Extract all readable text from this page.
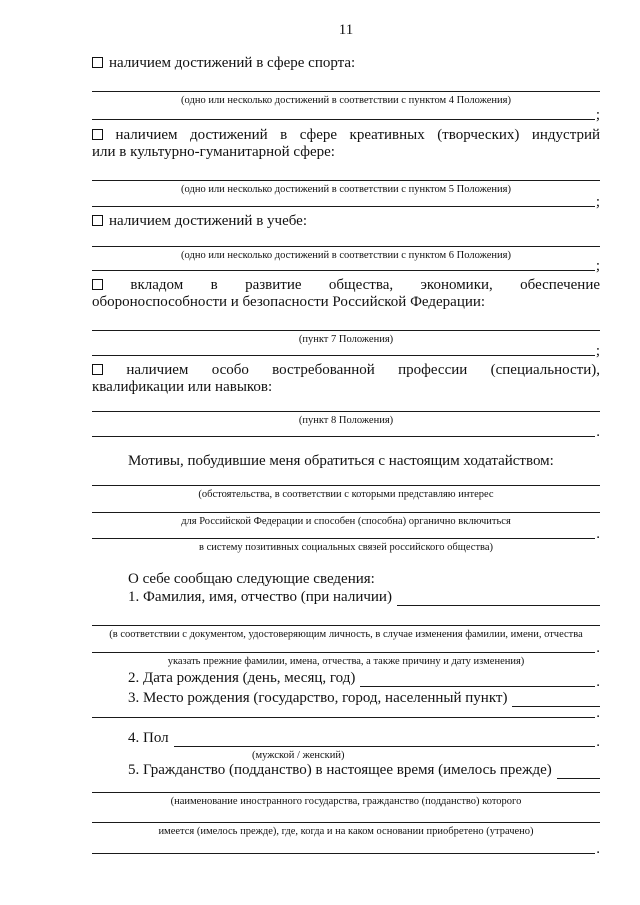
11
наличием достижений в сфере спорта:
(одно или несколько достижений в соответствии с пунктом 4 Положения)
;
наличием достижений в сфере креативных (творческих) индустрий
или в культурно-гуманитарной сфере:
(одно или несколько достижений в соответствии с пунктом 5 Положения)
;
наличием достижений в учебе:
(одно или несколько достижений в соответствии с пунктом 6 Положения)
;
вкладом в развитие общества, экономики, обеспечение
обороноспособности и безопасности Российской Федерации:
(пункт 7 Положения)
;
наличием особо востребованной профессии (специальности),
квалификации или навыков:
(пункт 8 Положения)
.
Мотивы, побудившие меня обратиться с настоящим ходатайством:
(обстоятельства, в соответствии с которыми представляю интерес
для Российской Федерации и способен (способна) органично включиться
.
в систему позитивных социальных связей российского общества)
О себе сообщаю следующие сведения:
1. Фамилия, имя, отчество (при наличии)
(в соответствии с документом, удостоверяющим личность, в случае изменения фамилии, имени, отчества
.
указать прежние фамилии, имена, отчества, а также причину и дату изменения)
2. Дата рождения (день, месяц, год)	.
3. Место рождения (государство, город, населенный пункт)
.
4. Пол	.
(мужской / женский)
5. Гражданство (подданство) в настоящее время (имелось прежде)
(наименование иностранного государства, гражданство (подданство) которого
имеется (имелось прежде), где, когда и на каком основании приобретено (утрачено)
.
